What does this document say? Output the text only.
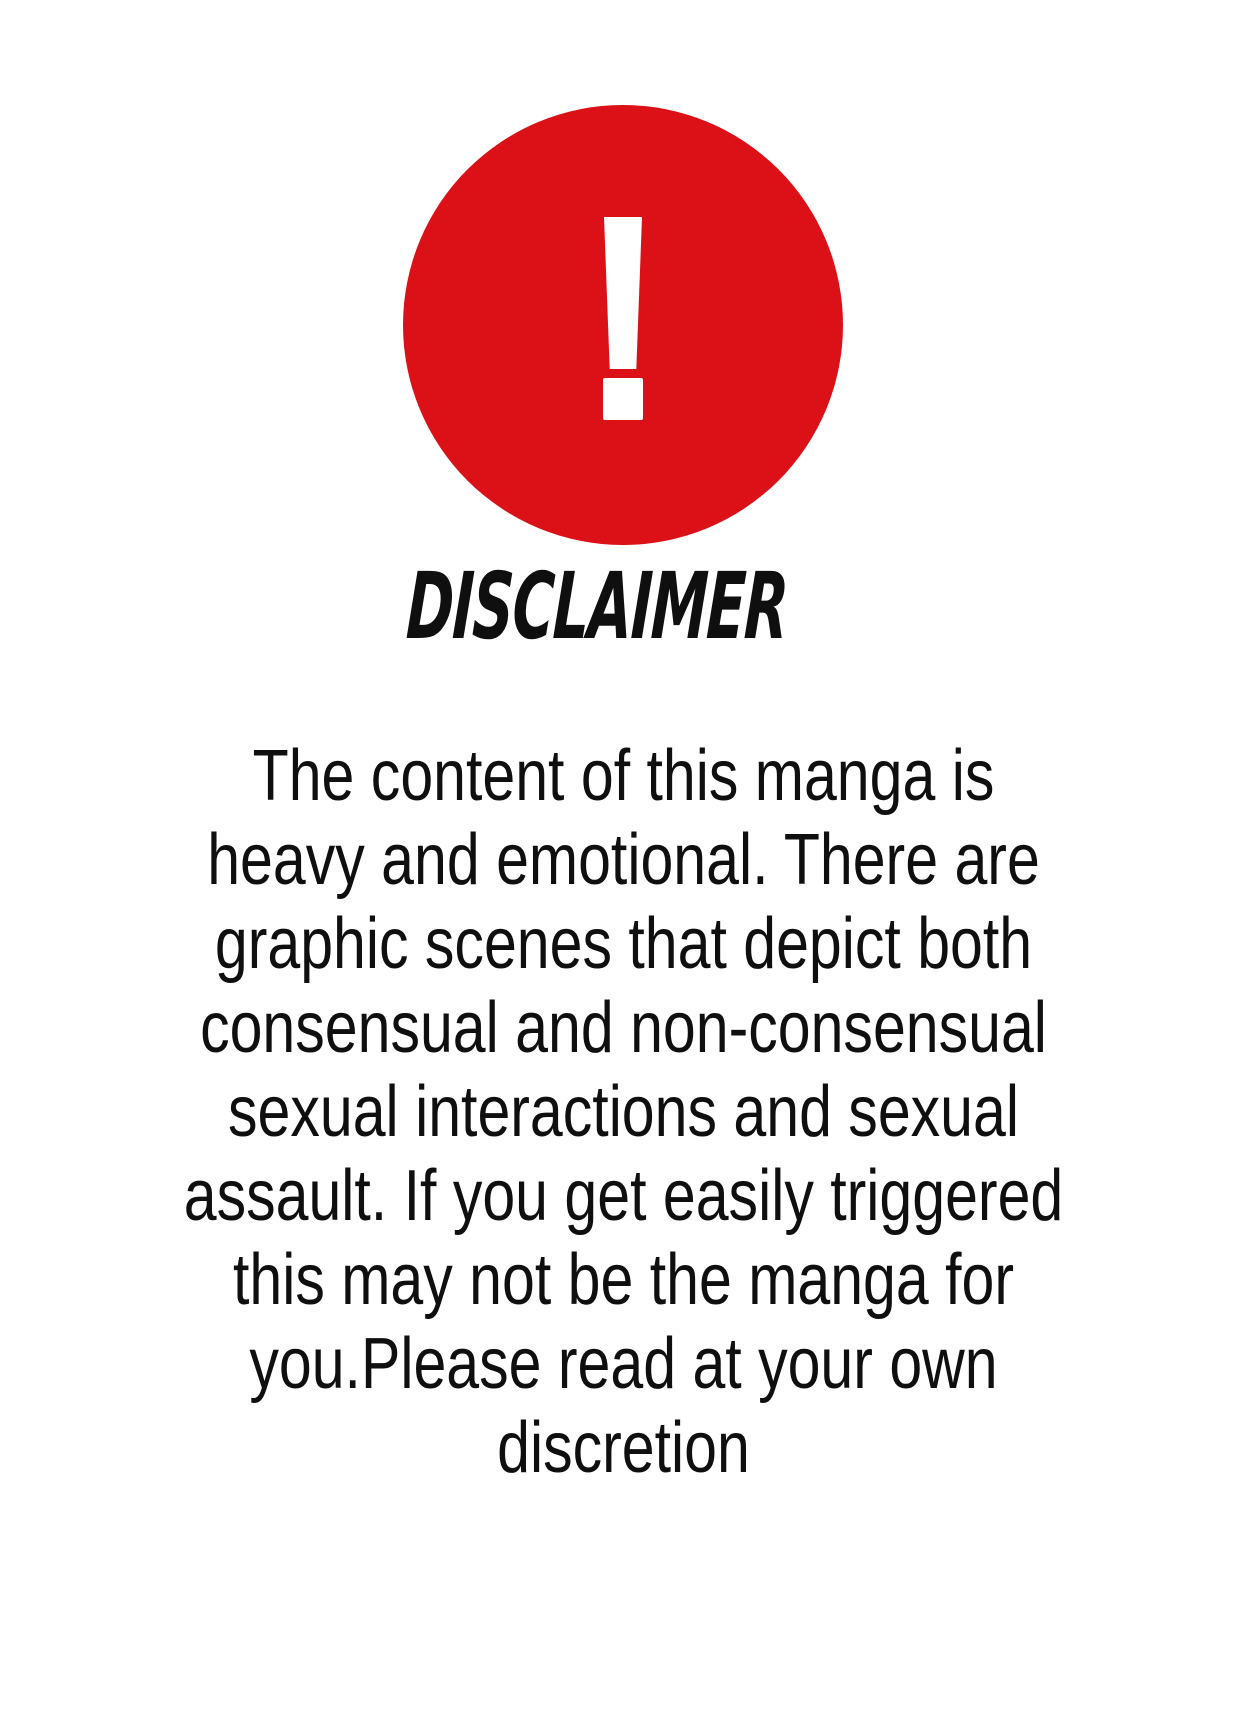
DISCLAIMER
The content of this manga is
heavy and emotional. There are
graphic scenes that depict both
consensual and non-consensual
sexual interactions and sexual
assault. If you get easily triggered
this may not be the manga for
you.Please read at your own
discretion
